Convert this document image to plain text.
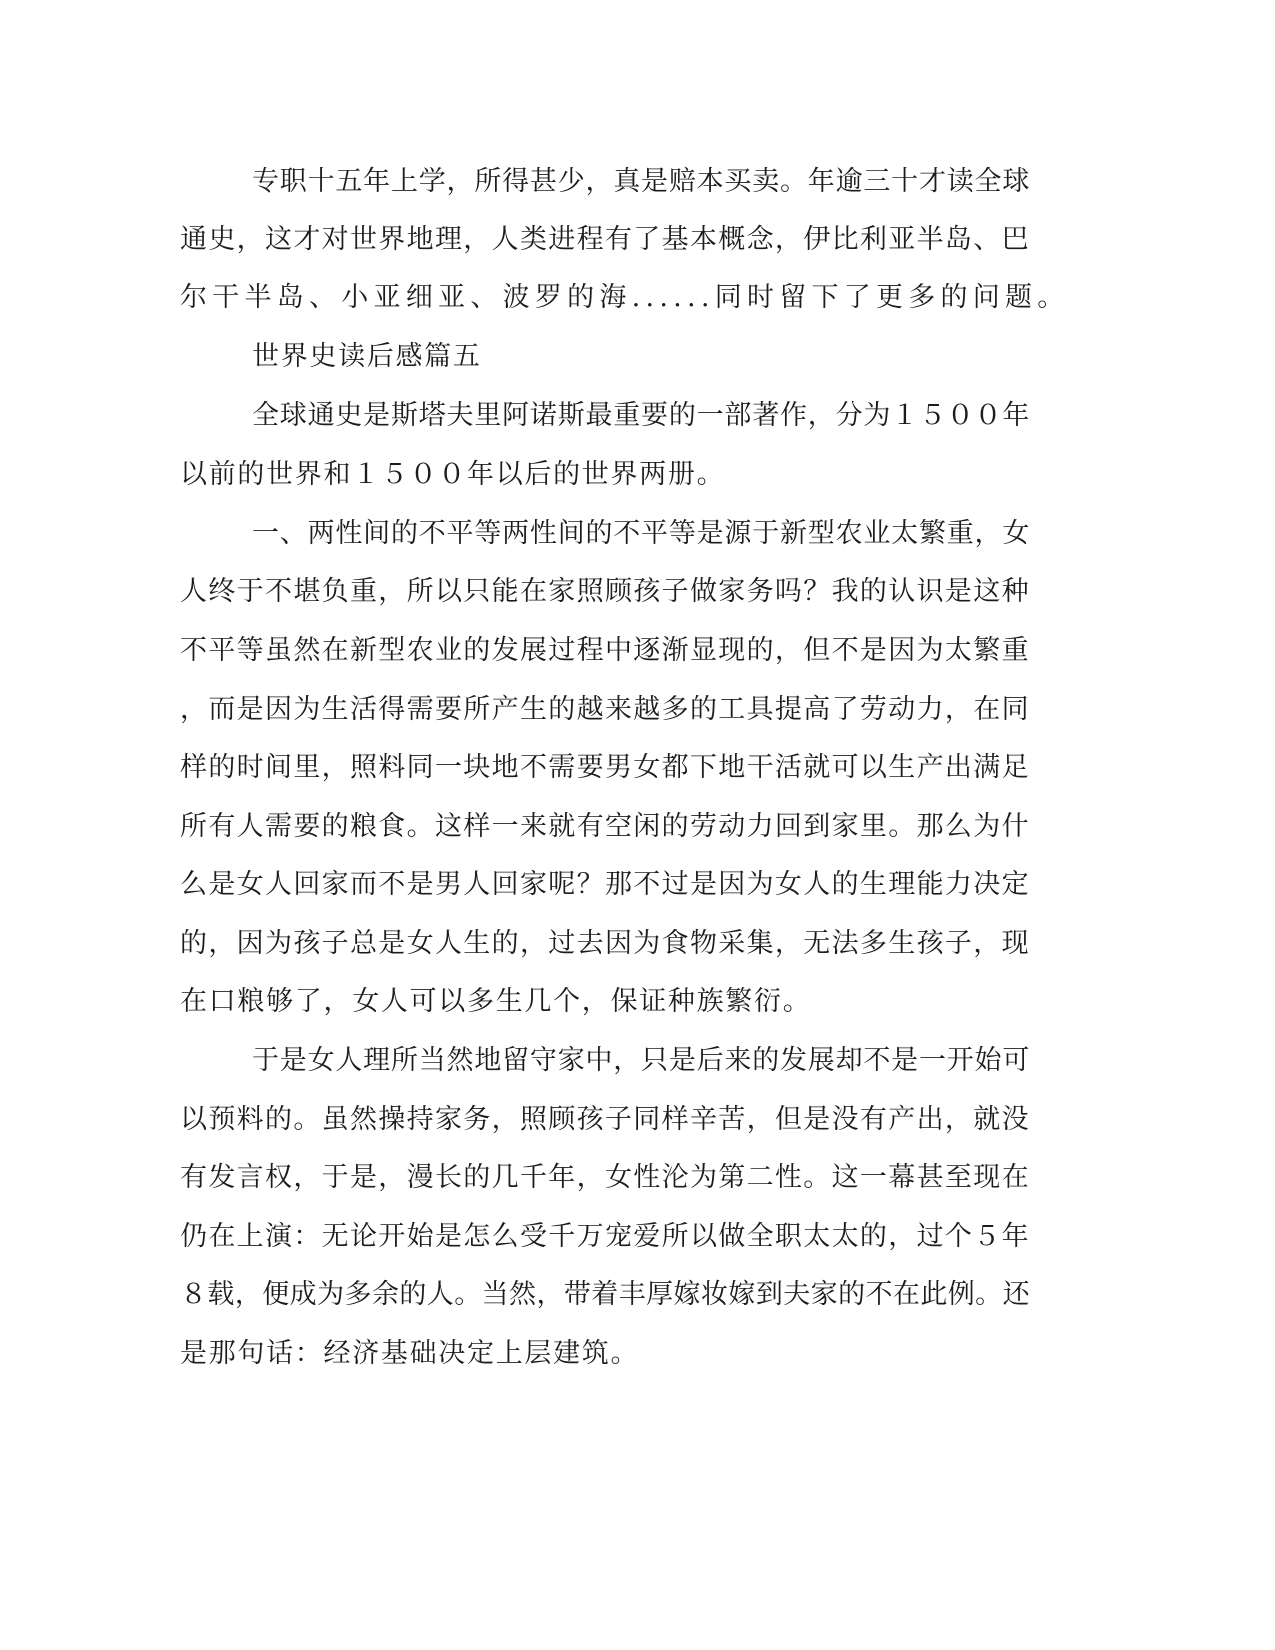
专职十五年上学，所得甚少，真是赔本买卖。年逾三十才读全球

通史，这才对世界地理，人类进程有了基本概念，伊比利亚半岛、巴

尔干半岛、小亚细亚、波罗的海......同时留下了更多的问题。

世界史读后感篇五

全球通史是斯塔夫里阿诺斯最重要的一部著作，分为１５００年

以前的世界和１５００年以后的世界两册。

一、两性间的不平等两性间的不平等是源于新型农业太繁重，女

人终于不堪负重，所以只能在家照顾孩子做家务吗？我的认识是这种

不平等虽然在新型农业的发展过程中逐渐显现的，但不是因为太繁重

，而是因为生活得需要所产生的越来越多的工具提高了劳动力，在同

样的时间里，照料同一块地不需要男女都下地干活就可以生产出满足

所有人需要的粮食。这样一来就有空闲的劳动力回到家里。那么为什

么是女人回家而不是男人回家呢？那不过是因为女人的生理能力决定

的，因为孩子总是女人生的，过去因为食物采集，无法多生孩子，现

在口粮够了，女人可以多生几个，保证种族繁衍。

于是女人理所当然地留守家中，只是后来的发展却不是一开始可

以预料的。虽然操持家务，照顾孩子同样辛苦，但是没有产出，就没

有发言权，于是，漫长的几千年，女性沦为第二性。这一幕甚至现在

仍在上演：无论开始是怎么受千万宠爱所以做全职太太的，过个５年

８载，便成为多余的人。当然，带着丰厚嫁妆嫁到夫家的不在此例。还

是那句话：经济基础决定上层建筑。
